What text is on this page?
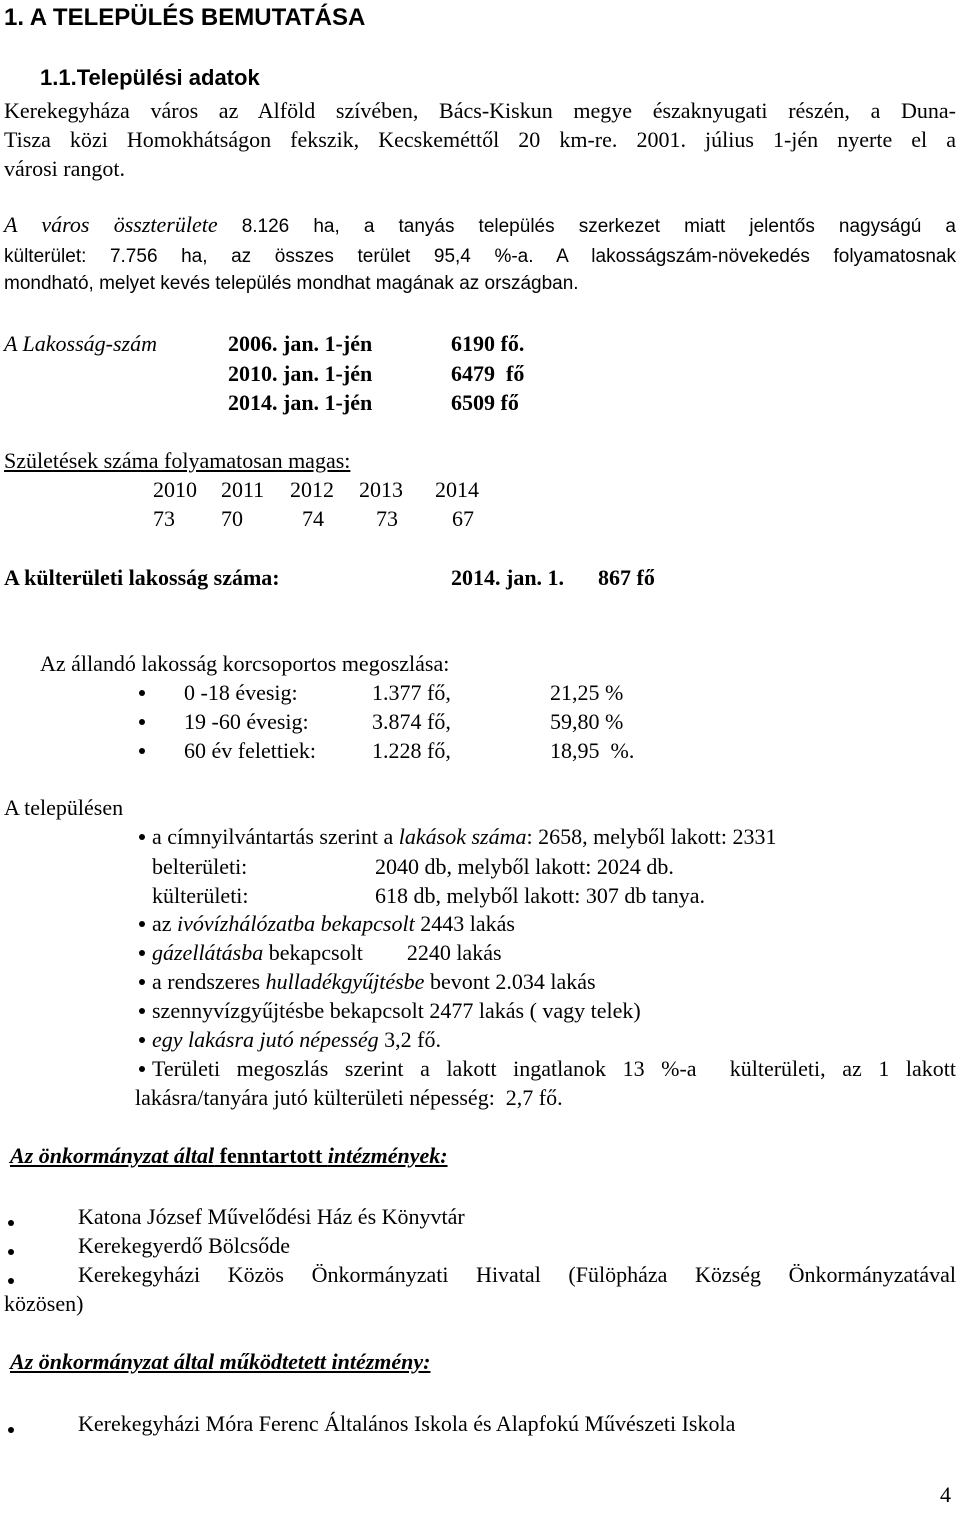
1. A TELEPÜLÉS BEMUTATÁSA
1.1.Települési adatok
Kerekegyháza város az Alföld szívében, Bács-Kiskun megye északnyugati részén, a Duna-
Tisza közi Homokhátságon fekszik, Kecskeméttől 20 km-re. 2001. július 1-jén nyerte el a
városi rangot.
A város összterülete 8.126 ha, a tanyás település szerkezet miatt jelentős nagyságú a
külterület: 7.756 ha, az összes terület 95,4 %-a. A lakosságszám-növekedés folyamatosnak
mondható, melyet kevés település mondhat magának az országban.
A Lakosság-szám	2006. jan. 1-jén	6190 fő.
2010. jan. 1-jén	6479  fő
2014. jan. 1-jén	6509 fő
Születések száma folyamatosan magas:
2010 2011 2012 2013 2014
73 70	74 73 67
A külterületi lakosság száma:	2014. jan. 1. 867 fő
Az állandó lakosság korcsoportos megoszlása:
0 -18 évesig:	1.377 fő,	21,25 %
19 -60 évesig:	3.874 fő,	59,80 %
60 év felettiek:	1.228 fő,	18,95  %.
A településen
a címnyilvántartás szerint a lakások száma: 2658, melyből lakott: 2331
belterületi:	2040 db, melyből lakott: 2024 db.
külterületi:	618 db, melyből lakott: 307 db tanya.
az ivóvízhálózatba bekapcsolt 2443 lakás
gázellátásba bekapcsolt        2240 lakás
a rendszeres hulladékgyűjtésbe bevont 2.034 lakás
szennyvízgyűjtésbe bekapcsolt 2477 lakás ( vagy telek)
egy lakásra jutó népesség 3,2 fő.
Területi megoszlás szerint a lakott ingatlanok 13 %-a  külterületi, az 1 lakott
lakásra/tanyára jutó külterületi népesség:  2,7 fő.
Az önkormányzat által fenntartott intézmények:
Katona József Művelődési Ház és Könyvtár
Kerekegyerdő Bölcsőde
Kerekegyházi Közös Önkormányzati Hivatal (Fülöpháza Község Önkormányzatával
közösen)
Az önkormányzat által működtetett intézmény:
Kerekegyházi Móra Ferenc Általános Iskola és Alapfokú Művészeti Iskola
4
